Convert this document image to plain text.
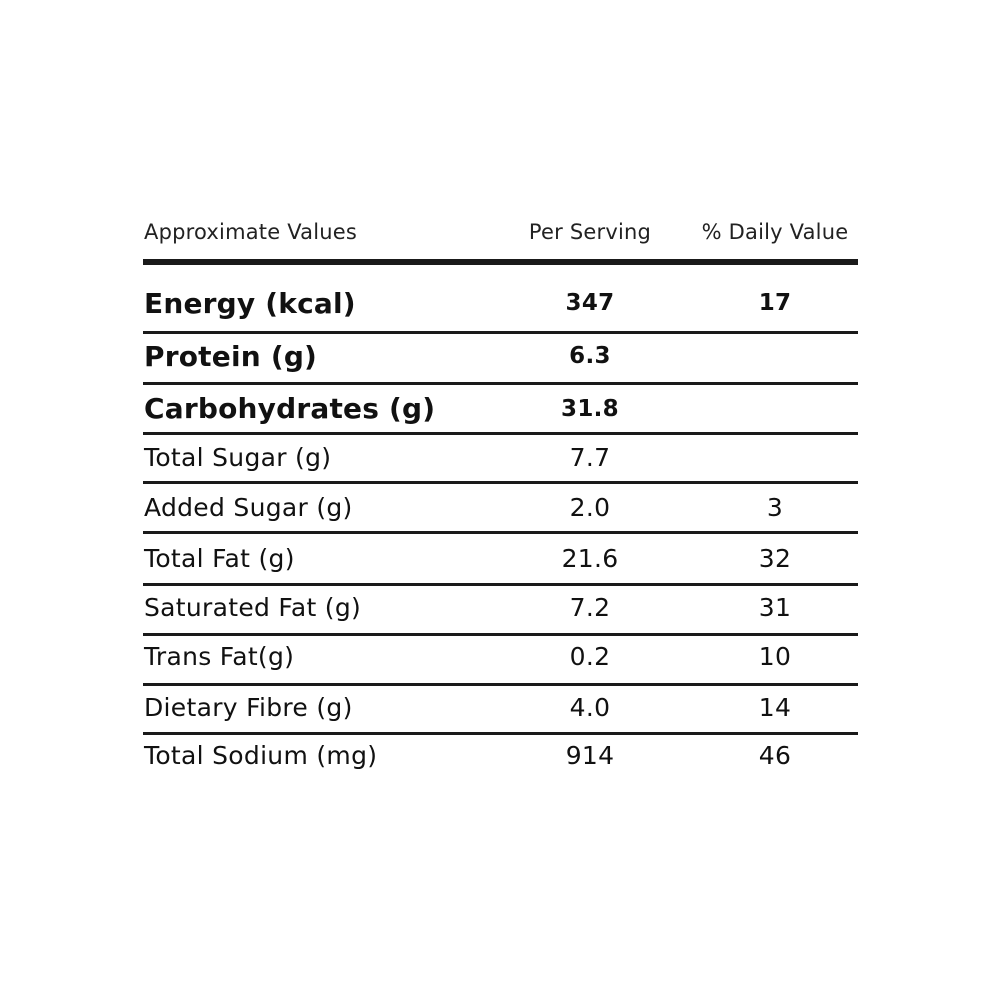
Approximate Values	Per Serving	% Daily Value
Energy (kcal)	347	17
Protein (g)	6.3
Carbohydrates (g)	31.8
Total Sugar (g)	7.7
Added Sugar (g)	2.0	3
Total Fat (g)	21.6	32
Saturated Fat (g)	7.2	31
Trans Fat(g)	0.2	10
Dietary Fibre (g)	4.0	14
Total Sodium (mg)	914	46
